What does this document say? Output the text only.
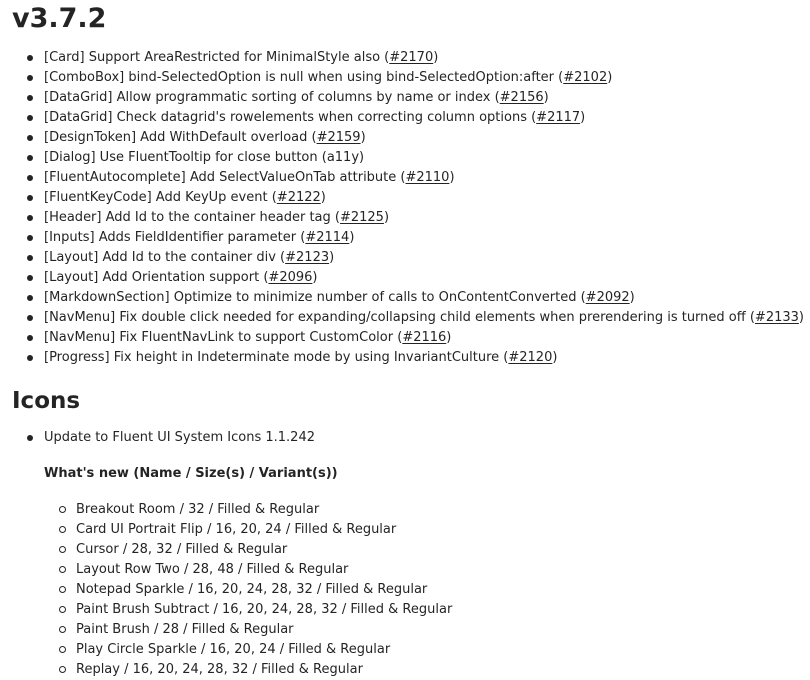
v3.7.2
[Card] Support AreaRestricted for MinimalStyle also (#2170)
[ComboBox] bind-SelectedOption is null when using bind-SelectedOption:after (#2102)
[DataGrid] Allow programmatic sorting of columns by name or index (#2156)
[DataGrid] Check datagrid's rowelements when correcting column options (#2117)
[DesignToken] Add WithDefault overload (#2159)
[Dialog] Use FluentTooltip for close button (a11y)
[FluentAutocomplete] Add SelectValueOnTab attribute (#2110)
[FluentKeyCode] Add KeyUp event (#2122)
[Header] Add Id to the container header tag (#2125)
[Inputs] Adds FieldIdentifier parameter (#2114)
[Layout] Add Id to the container div (#2123)
[Layout] Add Orientation support (#2096)
[MarkdownSection] Optimize to minimize number of calls to OnContentConverted (#2092)
[NavMenu] Fix double click needed for expanding/collapsing child elements when prerendering is turned off (#2133)
[NavMenu] Fix FluentNavLink to support CustomColor (#2116)
[Progress] Fix height in Indeterminate mode by using InvariantCulture (#2120)
Icons
Update to Fluent UI System Icons 1.1.242
What's new (Name / Size(s) / Variant(s))
Breakout Room / 32 / Filled & Regular
Card UI Portrait Flip / 16, 20, 24 / Filled & Regular
Cursor / 28, 32 / Filled & Regular
Layout Row Two / 28, 48 / Filled & Regular
Notepad Sparkle / 16, 20, 24, 28, 32 / Filled & Regular
Paint Brush Subtract / 16, 20, 24, 28, 32 / Filled & Regular
Paint Brush / 28 / Filled & Regular
Play Circle Sparkle / 16, 20, 24 / Filled & Regular
Replay / 16, 20, 24, 28, 32 / Filled & Regular
